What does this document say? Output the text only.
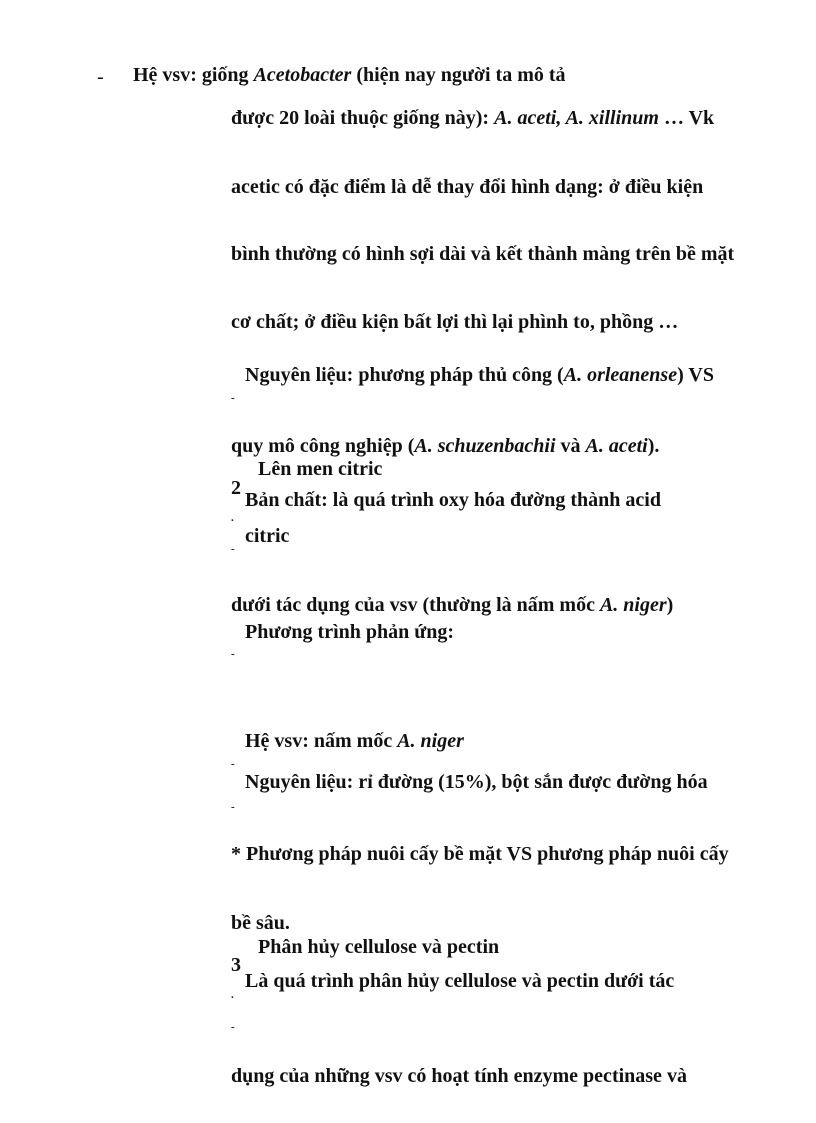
- Hệ vsv: giống Acetobacter (hiện nay người ta mô tả
được 20 loài thuộc giống này): A. aceti, A. xillinum … Vk
acetic có đặc điểm là dễ thay đổi hình dạng: ở điều kiện
bình thường có hình sợi dài và kết thành màng trên bề mặt
cơ chất; ở điều kiện bất lợi thì lại phình to, phồng …
-
Nguyên liệu: phương pháp thủ công (A. orleanense) VS
quy mô công nghiệp (A. schuzenbachii và A. aceti).
Lên men citric
2
.
Bản chất: là quá trình oxy hóa đường thành acid
-
citric
dưới tác dụng của vsv (thường là nấm mốc A. niger)
-
Phương trình phản ứng:
-
Hệ vsv: nấm mốc A. niger
-
Nguyên liệu: rỉ đường (15%), bột sắn được đường hóa
* Phương pháp nuôi cấy bề mặt VS phương pháp nuôi cấy
bề sâu.
Phân hủy cellulose và pectin
3
.
Là quá trình phân hủy cellulose và pectin dưới tác
-
dụng của những vsv có hoạt tính enzyme pectinase và
